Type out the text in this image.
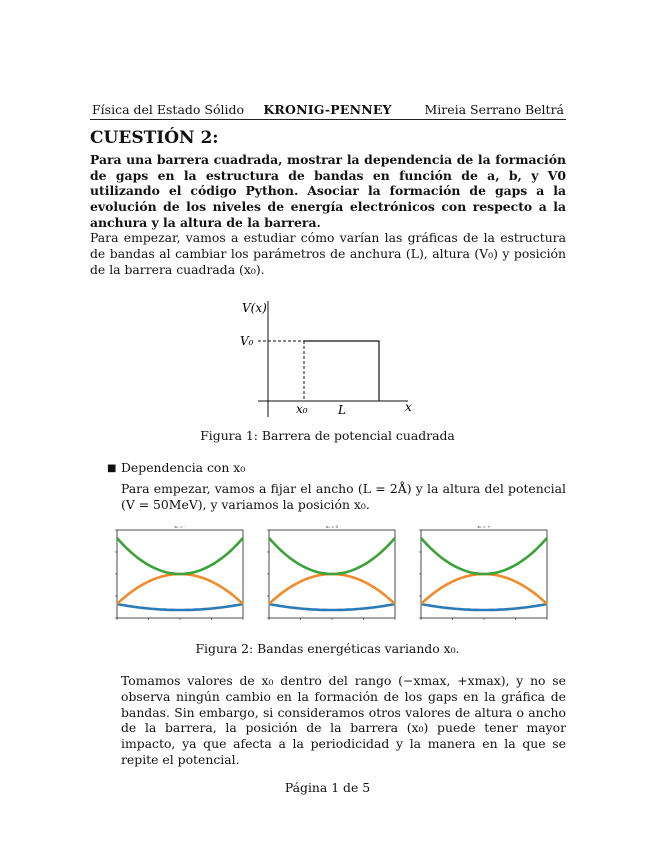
Física del Estado Sólido	KRONIG-PENNEY	Mireia Serrano Beltrá
CUESTIÓN 2:
Para una barrera cuadrada, mostrar la dependencia de la formación de gaps en la estructura de bandas en función de a, b, y V0 utilizando el código Python. Asociar la formación de gaps a la evolución de los niveles de energía electrónicos con respecto a la anchura y la altura de la barrera.
Para empezar, vamos a estudiar cómo varían las gráficas de la estructura de bandas al cambiar los parámetros de anchura (L), altura (V₀) y posición de la barrera cuadrada (x₀).
V(x)
V₀
x₀	L	x
Figura 1: Barrera de potencial cuadrada
■ Dependencia con x₀
Para empezar, vamos a fijar el ancho (L = 2Å) y la altura del potencial (V = 50MeV), y variamos la posición x₀.
x₀ = -	x₀ = 0	x₀ = +
Figura 2: Bandas energéticas variando x₀.
Tomamos valores de x₀ dentro del rango (−xmax, +xmax), y no se observa ningún cambio en la formación de los gaps en la gráfica de bandas. Sin embargo, si consideramos otros valores de altura o ancho de la barrera, la posición de la barrera (x₀) puede tener mayor impacto, ya que afecta a la periodicidad y la manera en la que se repite el potencial.
Página 1 de 5
